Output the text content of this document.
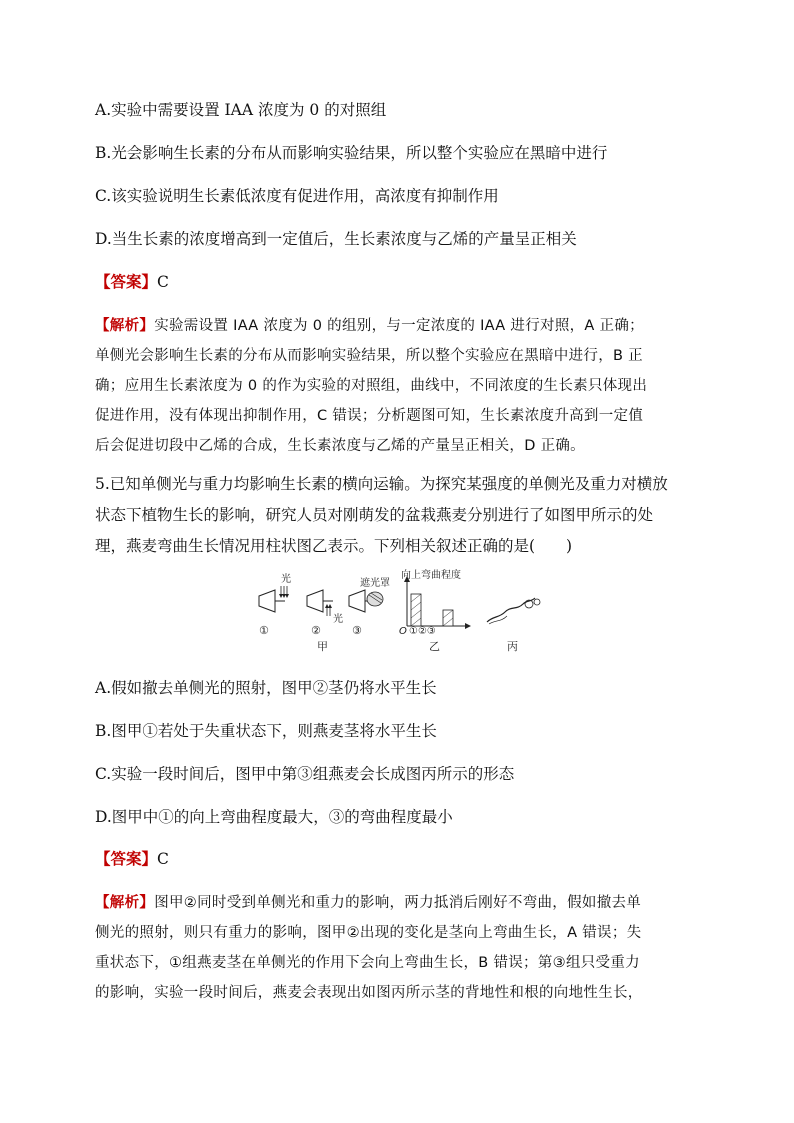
A.实验中需要设置 IAA 浓度为 0 的对照组
B.光会影响生长素的分布从而影响实验结果，所以整个实验应在黑暗中进行
C.该实验说明生长素低浓度有促进作用，高浓度有抑制作用
D.当生长素的浓度增高到一定值后，生长素浓度与乙烯的产量呈正相关
【答案】C
【解析】实验需设置 IAA 浓度为 0 的组别，与一定浓度的 IAA 进行对照，A 正确；
单侧光会影响生长素的分布从而影响实验结果，所以整个实验应在黑暗中进行，B 正
确；应用生长素浓度为 0 的作为实验的对照组，曲线中，不同浓度的生长素只体现出
促进作用，没有体现出抑制作用，C 错误；分析题图可知，生长素浓度升高到一定值
后会促进切段中乙烯的合成，生长素浓度与乙烯的产量呈正相关，D 正确。
5.已知单侧光与重力均影响生长素的横向运输。为探究某强度的单侧光及重力对横放
状态下植物生长的影响，研究人员对刚萌发的盆栽燕麦分别进行了如图甲所示的处
理，燕麦弯曲生长情况用柱状图乙表示。下列相关叙述正确的是(　　)
光
①
光
②
甲
遮光罩
③
向上弯曲程度
O ①②③
乙	丙
A.假如撤去单侧光的照射，图甲②茎仍将水平生长
B.图甲①若处于失重状态下，则燕麦茎将水平生长
C.实验一段时间后，图甲中第③组燕麦会长成图丙所示的形态
D.图甲中①的向上弯曲程度最大，③的弯曲程度最小
【答案】C
【解析】图甲②同时受到单侧光和重力的影响，两力抵消后刚好不弯曲，假如撤去单
侧光的照射，则只有重力的影响，图甲②出现的变化是茎向上弯曲生长，A 错误；失
重状态下，①组燕麦茎在单侧光的作用下会向上弯曲生长，B 错误；第③组只受重力
的影响，实验一段时间后，燕麦会表现出如图丙所示茎的背地性和根的向地性生长，
